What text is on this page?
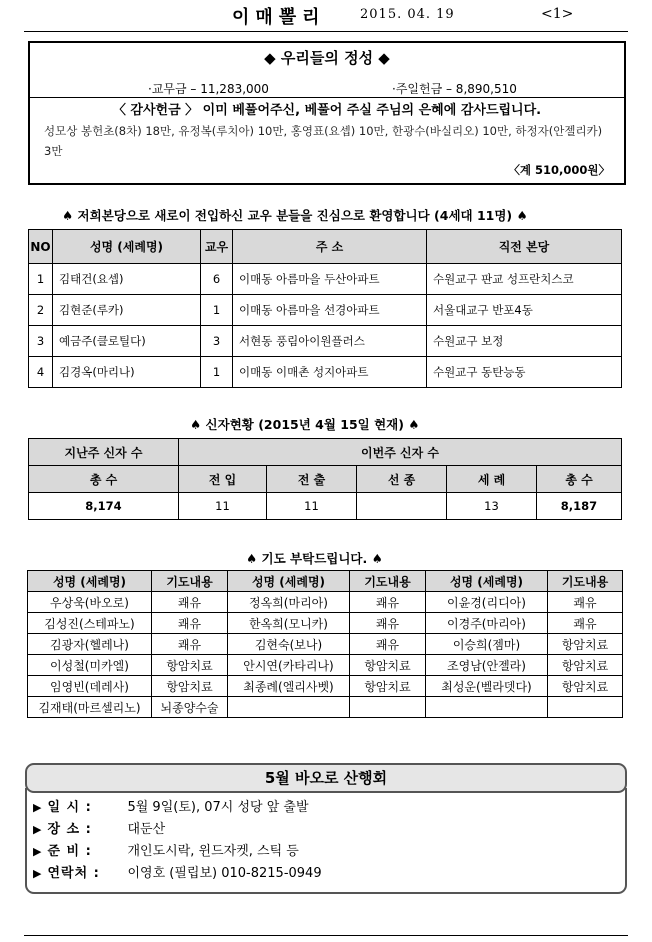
이매뽈리	2015. 04. 19	<1>
◆ 우리들의 정성 ◆
·교무금 – 11,283,000	·주일헌금 – 8,890,510
〈 감사헌금 〉 이미 베풀어주신, 베풀어 주실 주님의 은혜에 감사드립니다.
성모상 봉헌초(8차) 18만, 유정복(루치아) 10만, 홍영표(요셉) 10만, 한광수(바실리오) 10만, 하정자(안젤리카) 3만
〈계 510,000원〉
♠ 저희본당으로 새로이 전입하신 교우 분들을 진심으로 환영합니다 (4세대 11명) ♠
NO	성명 (세례명)	교우	주 소	직전 본당
1	김태건(요셉)	6	이매동 아름마을 두산아파트	수원교구 판교 성프란치스코
2	김현준(루카)	1	이매동 아름마을 선경아파트	서울대교구 반포4동
3	예금주(클로틸다)	3	서현동 풍림아이원플러스	수원교구 보정
4	김경옥(마리나)	1	이매동 이매촌 성지아파트	수원교구 동탄능동
♠ 신자현황 (2015년 4월 15일 현재) ♠
지난주 신자 수	이번주 신자 수				
총 수	전 입	전 출	선 종	세 례	총 수
8,174	11	11		13	8,187
♠ 기도 부탁드립니다. ♠
성명 (세례명)	기도내용	성명 (세례명)	기도내용	성명 (세례명)	기도내용
우상욱(바오로)	쾌유	정옥희(마리아)	쾌유	이윤경(리디아)	쾌유
김성진(스테파노)	쾌유	한옥희(모니카)	쾌유	이경주(마리아)	쾌유
김광자(헬레나)	쾌유	김현숙(보나)	쾌유	이승희(젬마)	항암치료
이성철(미카엘)	항암치료	안시연(카타리나)	항암치료	조영남(안젤라)	항암치료
임영빈(데레사)	항암치료	최종례(엘리사벳)	항암치료	최성운(벨라뎃다)	항암치료
김재태(마르셀리노)	뇌종양수술				
5월 바오로 산행회
▶ 일 시 :	5월 9일(토), 07시 성당 앞 출발
▶ 장 소 :	대둔산
▶ 준 비 :	개인도시락, 윈드자켓, 스틱 등
▶ 연락처 : 이영호 (필립보) 010-8215-0949
